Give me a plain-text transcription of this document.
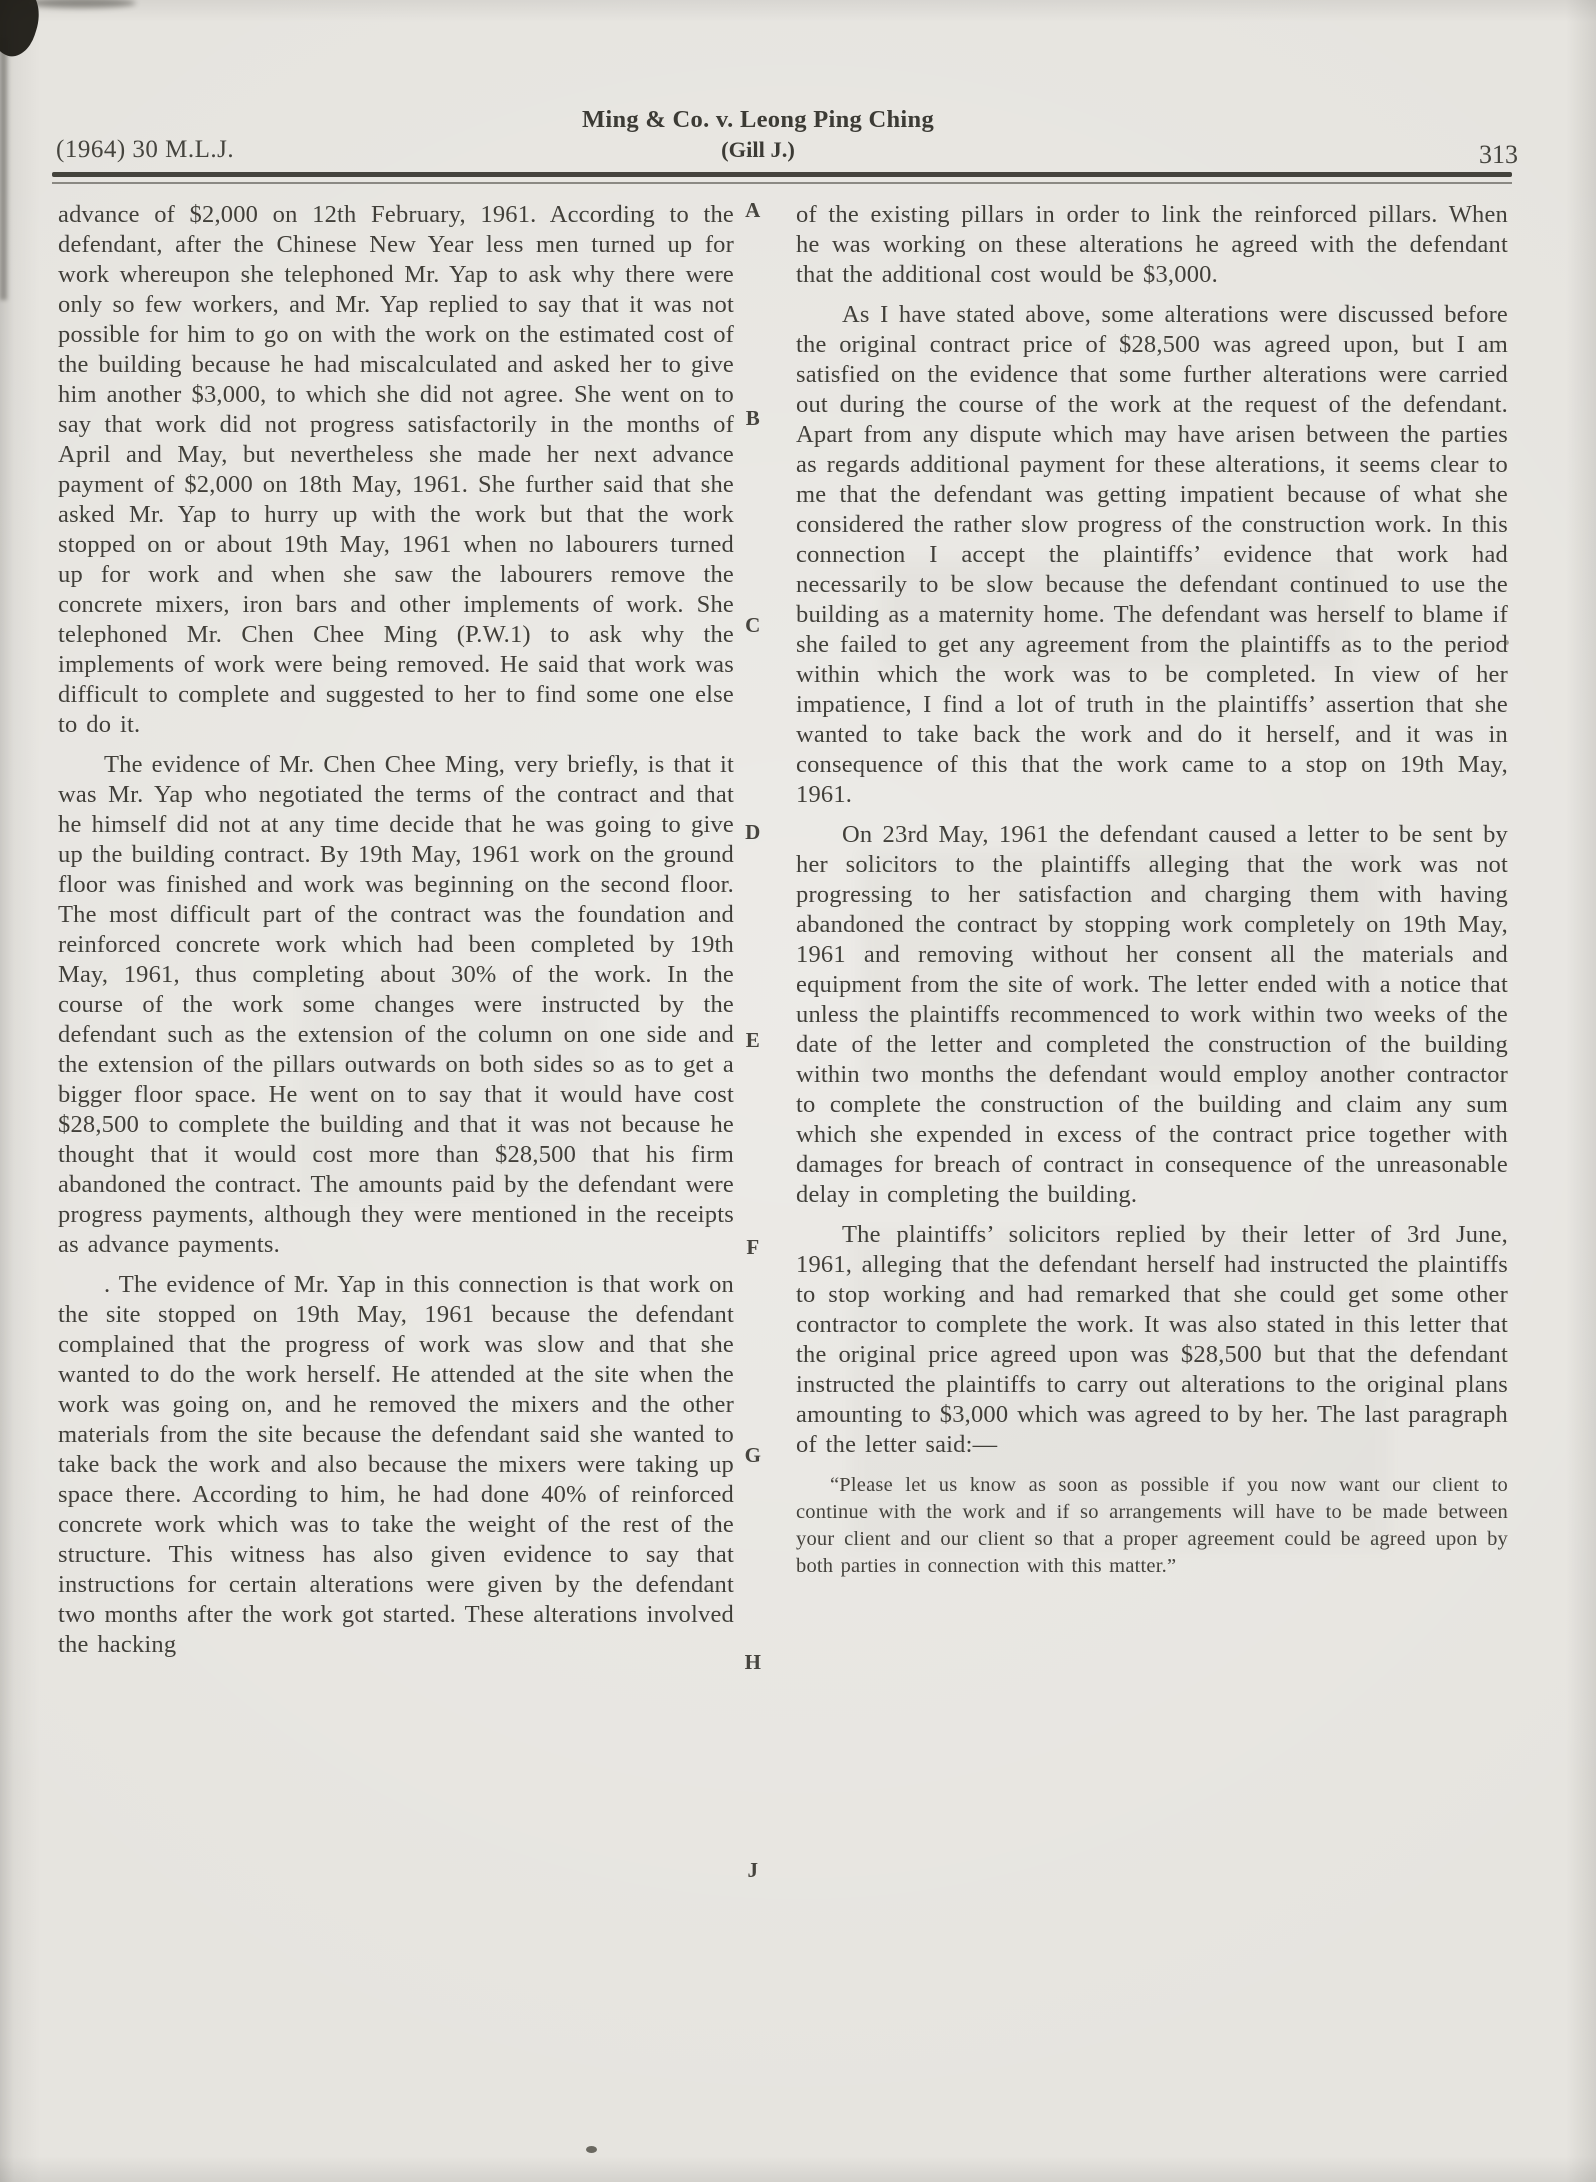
(1964) 30 M.L.J.
Ming & Co. v. Leong Ping Ching
(Gill J.)	313
A
B
C
D
E
F
G
H
J

advance of $2,000 on 12th February, 1961. According to the defendant, after the Chinese New Year less men turned up for work whereupon she telephoned Mr. Yap to ask why there were only so few workers, and Mr. Yap replied to say that it was not possible for him to go on with the work on the estimated cost of the building because he had miscalculated and asked her to give him another $3,000, to which she did not agree. She went on to say that work did not progress satisfactorily in the months of April and May, but nevertheless she made her next advance payment of $2,000 on 18th May, 1961. She further said that she asked Mr. Yap to hurry up with the work but that the work stopped on or about 19th May, 1961 when no labourers turned up for work and when she saw the labourers remove the concrete mixers, iron bars and other implements of work. She telephoned Mr. Chen Chee Ming (P.W.1) to ask why the implements of work were being removed. He said that work was difficult to complete and suggested to her to find some one else to do it.

The evidence of Mr. Chen Chee Ming, very briefly, is that it was Mr. Yap who negotiated the terms of the contract and that he himself did not at any time decide that he was going to give up the building contract. By 19th May, 1961 work on the ground floor was finished and work was beginning on the second floor. The most difficult part of the contract was the foundation and reinforced concrete work which had been completed by 19th May, 1961, thus completing about 30% of the work. In the course of the work some changes were instructed by the defendant such as the extension of the column on one side and the extension of the pillars outwards on both sides so as to get a bigger floor space. He went on to say that it would have cost $28,500 to complete the building and that it was not because he thought that it would cost more than $28,500 that his firm abandoned the contract. The amounts paid by the defendant were progress payments, although they were mentioned in the receipts as advance payments.

. The evidence of Mr. Yap in this connection is that work on the site stopped on 19th May, 1961 because the defendant complained that the progress of work was slow and that she wanted to do the work herself. He attended at the site when the work was going on, and he removed the mixers and the other materials from the site because the defendant said she wanted to take back the work and also because the mixers were taking up space there. According to him, he had done 40% of reinforced concrete work which was to take the weight of the rest of the structure. This witness has also given evidence to say that instructions for certain alterations were given by the defendant two months after the work got started. These alterations involved the hacking

of the existing pillars in order to link the reinforced pillars. When he was working on these alterations he agreed with the defendant that the additional cost would be $3,000.

As I have stated above, some alterations were discussed before the original contract price of $28,500 was agreed upon, but I am satisfied on the evidence that some further alterations were carried out during the course of the work at the request of the defendant. Apart from any dispute which may have arisen between the parties as regards additional payment for these alterations, it seems clear to me that the defendant was getting impatient because of what she considered the rather slow progress of the construction work. In this connection I accept the plaintiffs’ evidence that work had necessarily to be slow because the defendant continued to use the building as a maternity home. The defendant was herself to blame if she failed to get any agreement from the plaintiffs as to the period within which the work was to be completed. In view of her impatience, I find a lot of truth in the plaintiffs’ assertion that she wanted to take back the work and do it herself, and it was in consequence of this that the work came to a stop on 19th May, 1961.

On 23rd May, 1961 the defendant caused a letter to be sent by her solicitors to the plaintiffs alleging that the work was not progressing to her satisfaction and charging them with having abandoned the contract by stopping work completely on 19th May, 1961 and removing without her consent all the materials and equipment from the site of work. The letter ended with a notice that unless the plaintiffs recommenced to work within two weeks of the date of the letter and completed the construction of the building within two months the defendant would employ another contractor to complete the construction of the building and claim any sum which she expended in excess of the contract price together with damages for breach of contract in consequence of the unreasonable delay in completing the building.

The plaintiffs’ solicitors replied by their letter of 3rd June, 1961, alleging that the defendant herself had instructed the plaintiffs to stop working and had remarked that she could get some other contractor to complete the work. It was also stated in this letter that the original price agreed upon was $28,500 but that the defendant instructed the plaintiffs to carry out alterations to the original plans amounting to $3,000 which was agreed to by her. The last paragraph of the letter said:—

“Please let us know as soon as possible if you now want our client to continue with the work and if so arrangements will have to be made between your client and our client so that a proper agreement could be agreed upon by both parties in connection with this matter.”
